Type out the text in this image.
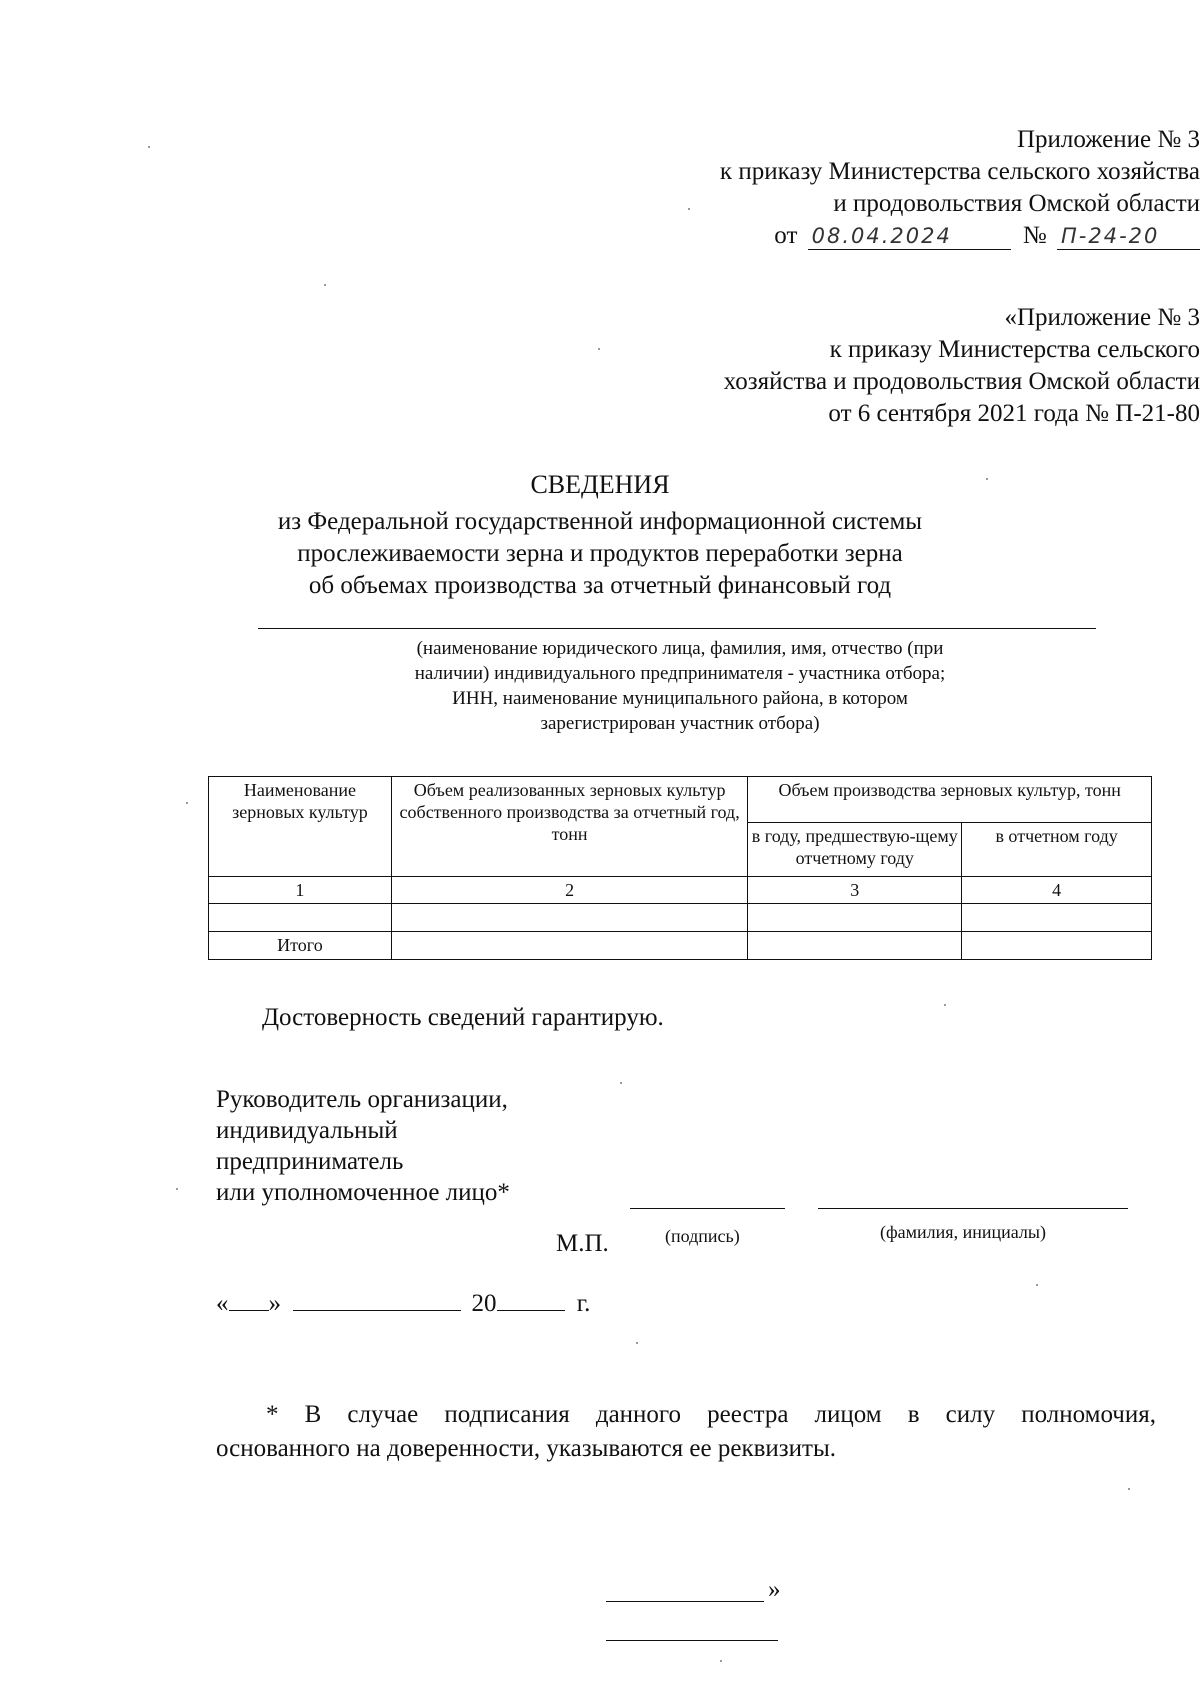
Приложение № 3
к приказу Министерства сельского хозяйства
и продовольствия Омской области
от 08.04.2024	№ П-24-20
«Приложение № 3
к приказу Министерства сельского
хозяйства и продовольствия Омской области
от 6 сентября 2021 года № П-21-80
СВЕДЕНИЯ
из Федеральной государственной информационной системы
прослеживаемости зерна и продуктов переработки зерна
об объемах производства за отчетный финансовый год
(наименование юридического лица, фамилия, имя, отчество (при
наличии) индивидуального предпринимателя - участника отбора;
ИНН, наименование муниципального района, в котором
зарегистрирован участник отбора)
Наименование зерновых культур	Объем реализованных зерновых культур собственного производства за отчетный год, тонн	Объем производства зерновых культур, тонн	
		в году, предшествую-щему отчетному году	в отчетном году
1	2	3	4

Итого			
Достоверность сведений гарантирую.
Руководитель организации,
индивидуальный
предприниматель
или уполномоченное лицо*
(подпись)	(фамилия, инициалы)
М.П.
« »	20	г.
* В случае подписания данного реестра лицом в силу полномочия,
основанного на доверенности, указываются ее реквизиты.
»
